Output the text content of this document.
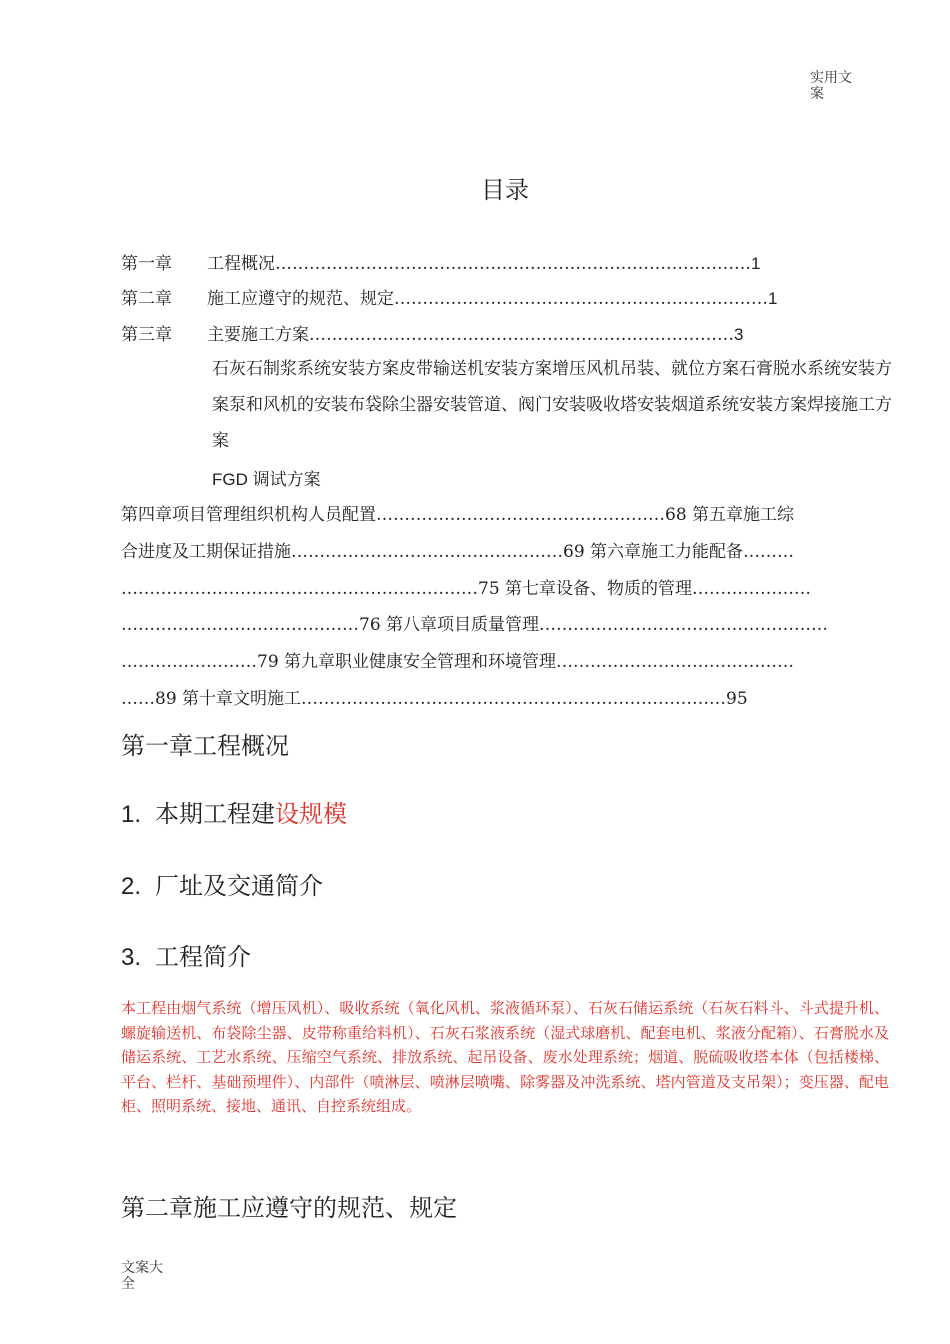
实用文案
目录
第一章 工程概况…………………………………………………………………………1
第二章 施工应遵守的规范、规定…………………………………………………………1
第三章 主要施工方案…………………………………………………………………3
石灰石制浆系统安装方案皮带输送机安装方案增压风机吊装、就位方案石膏脱水系统安装方案泵和风机的安装布袋除尘器安装管道、阀门安装吸收塔安装烟道系统安装方案焊接施工方案
FGD 调试方案
第四章项目管理组织机构人员配置……………………………………………68 第五章施工综
合进度及工期保证措施…………………………………………69 第六章施工力能配备………
………………………………………………………75 第七章设备、物质的管理…………………
……………………………………76 第八章项目质量管理……………………………………………
……………………79 第九章职业健康安全管理和环境管理……………………………………
……89 第十章文明施工…………………………………………………………………95
第一章工程概况
1. 本期工程建设规模
2. 厂址及交通简介
3. 工程简介
本工程由烟气系统（增压风机）、吸收系统（氧化风机、浆液循环泵）、石灰石储运系统（石灰石料斗、斗式提升机、螺旋输送机、布袋除尘器、皮带称重给料机）、石灰石浆液系统（湿式球磨机、配套电机、浆液分配箱）、石膏脱水及储运系统、工艺水系统、压缩空气系统、排放系统、起吊设备、废水处理系统；烟道、脱硫吸收塔本体（包括楼梯、平台、栏杆、基础预埋件）、内部件（喷淋层、喷淋层喷嘴、除雾器及冲洗系统、塔内管道及支吊架）；变压器、配电柜、照明系统、接地、通讯、自控系统组成。
第二章施工应遵守的规范、规定
文案大全
